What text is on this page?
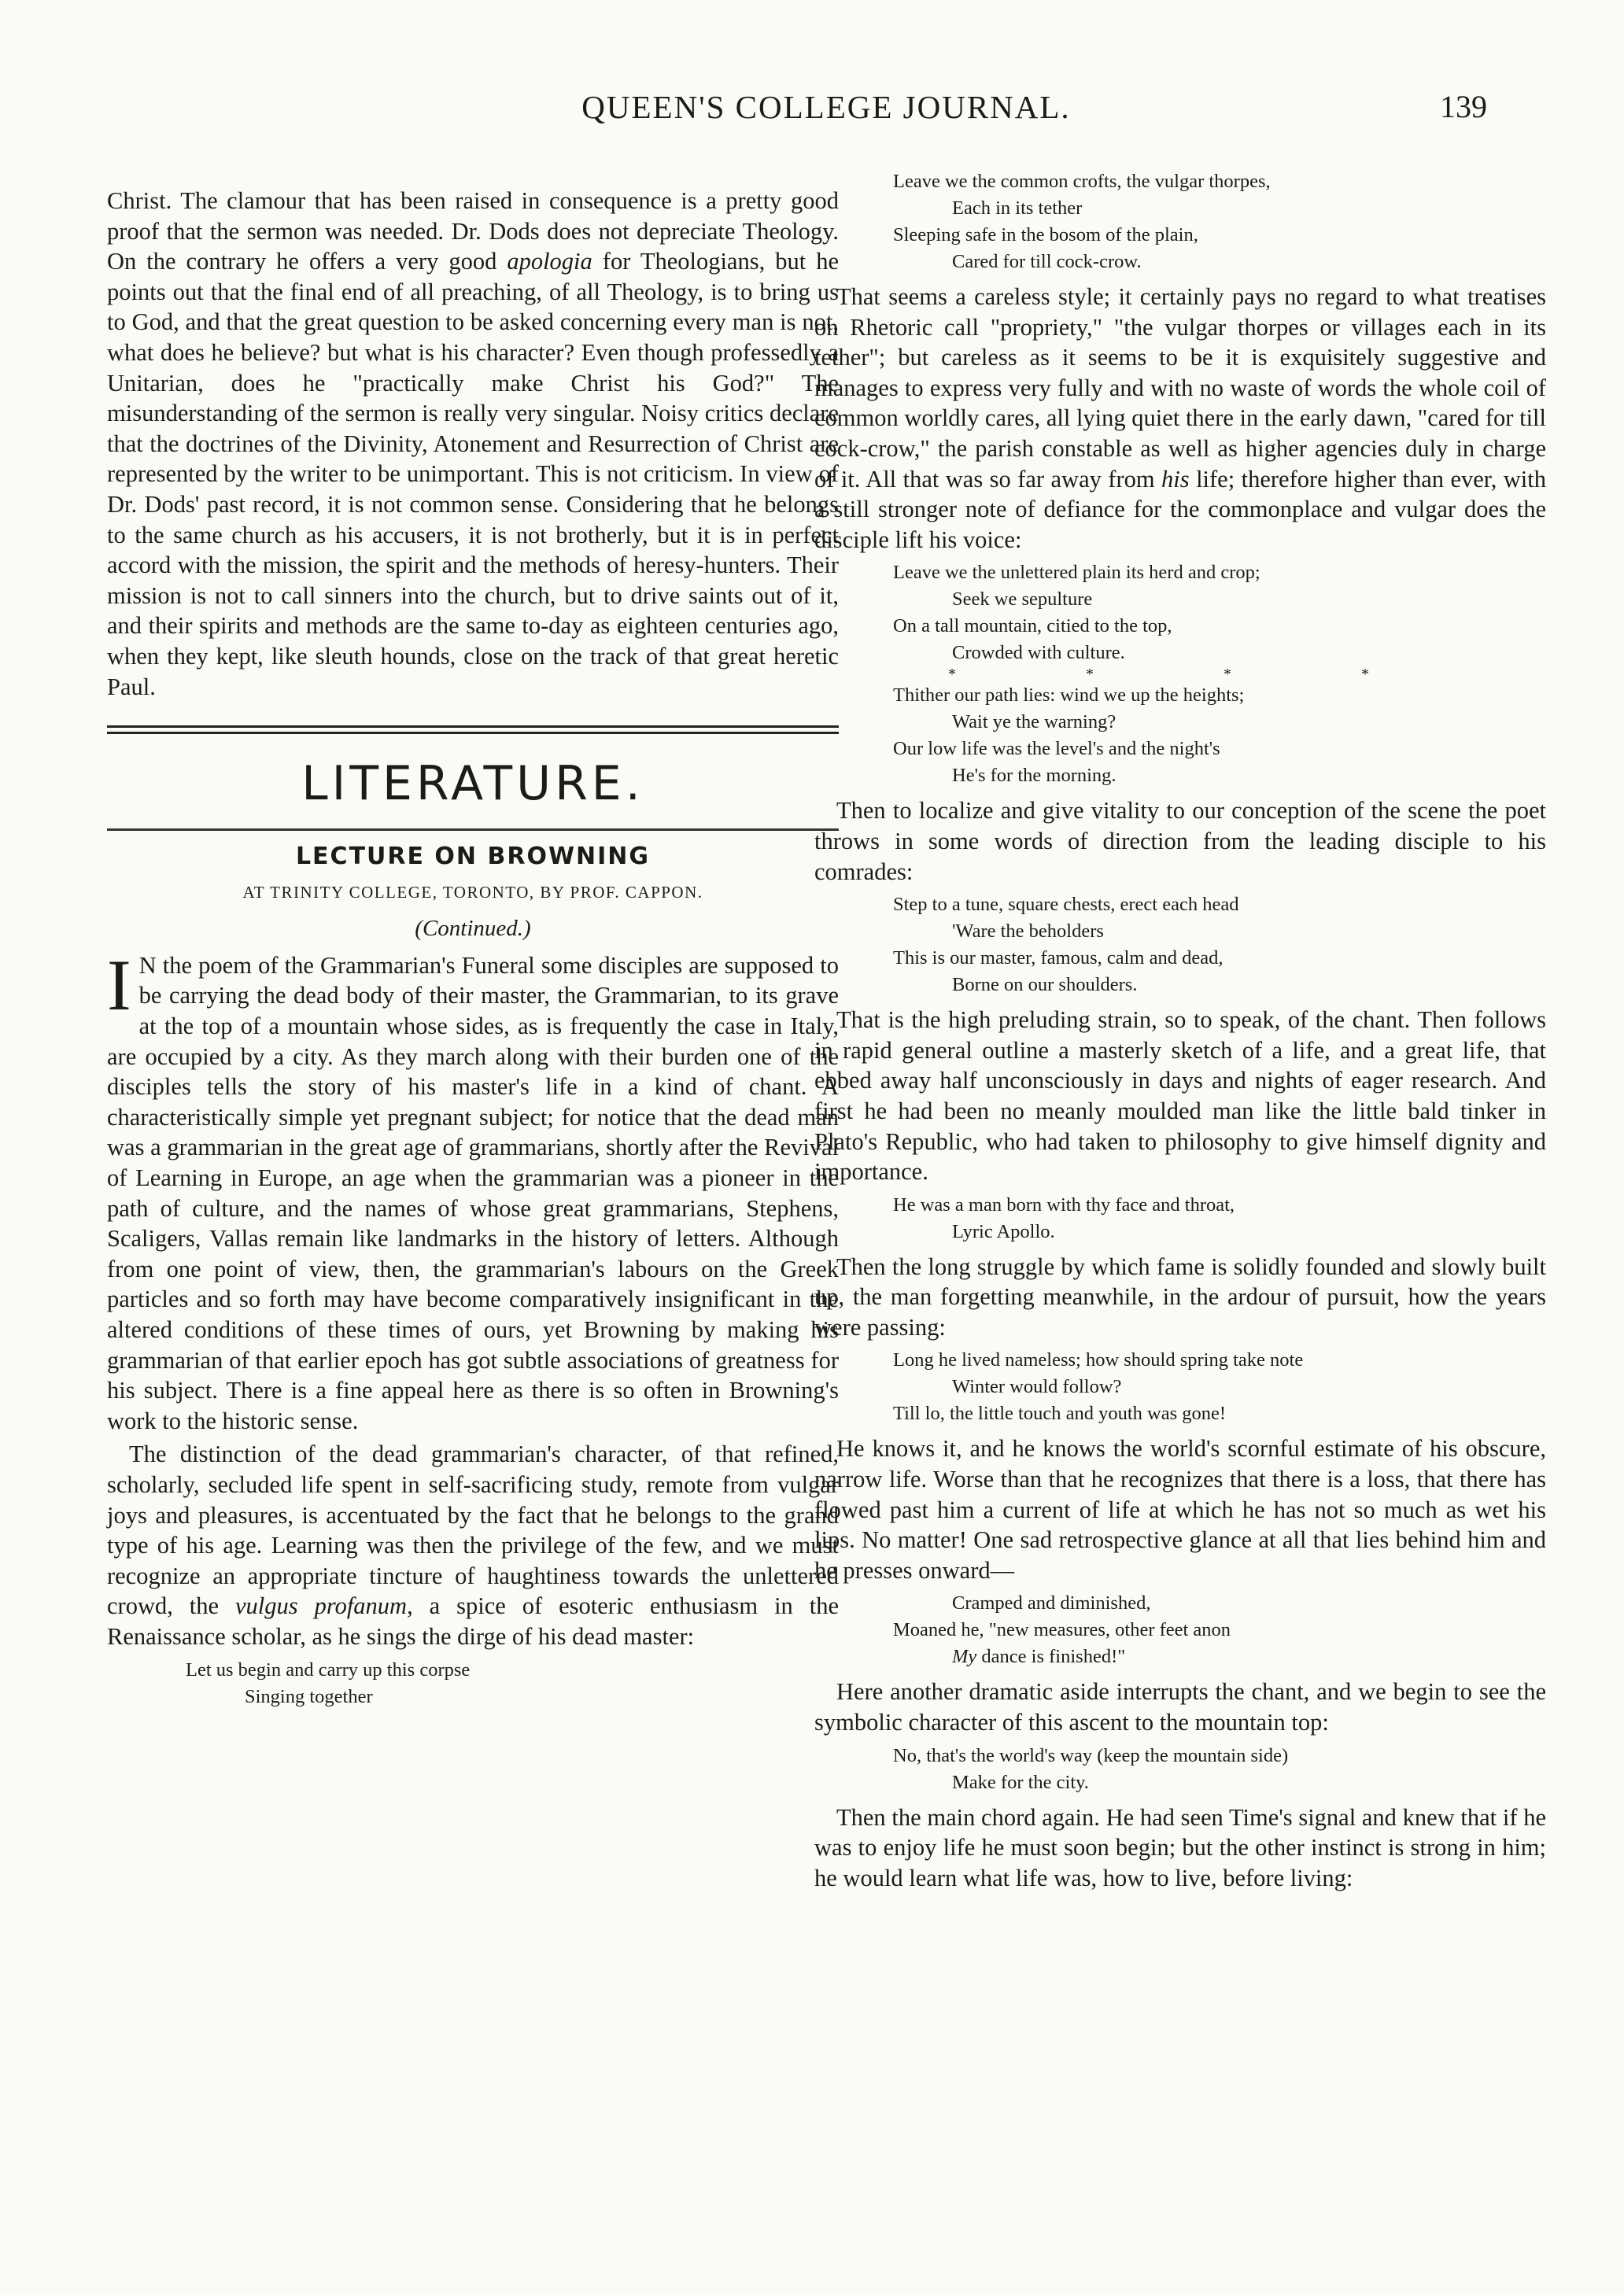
QUEEN'S COLLEGE JOURNAL.	139

Christ. The clamour that has been raised in consequence is a pretty good proof that the sermon was needed. Dr. Dods does not depreciate Theology. On the contrary he offers a very good apologia for Theologians, but he points out that the final end of all preaching, of all Theology, is to bring us to God, and that the great question to be asked concerning every man is not, what does he believe? but what is his character? Even though professedly a Unitarian, does he "practically make Christ his God?" The misunderstanding of the sermon is really very singular. Noisy critics declare that the doctrines of the Divinity, Atonement and Resurrection of Christ are represented by the writer to be unimportant. This is not criticism. In view of Dr. Dods' past record, it is not common sense. Considering that he belongs to the same church as his accusers, it is not brotherly, but it is in perfect accord with the mission, the spirit and the methods of heresy-hunters. Their mission is not to call sinners into the church, but to drive saints out of it, and their spirits and methods are the same to-day as eighteen centuries ago, when they kept, like sleuth hounds, close on the track of that great heretic Paul.

LITERATURE.
LECTURE ON BROWNING
AT TRINITY COLLEGE, TORONTO, BY PROF. CAPPON.
(Continued.)

I N the poem of the Grammarian's Funeral some disciples are supposed to be carrying the dead body of their master, the Grammarian, to its grave at the top of a mountain whose sides, as is frequently the case in Italy, are occupied by a city. As they march along with their burden one of the disciples tells the story of his master's life in a kind of chant. A characteristically simple yet pregnant subject; for notice that the dead man was a grammarian in the great age of grammarians, shortly after the Revival of Learning in Europe, an age when the grammarian was a pioneer in the path of culture, and the names of whose great grammarians, Stephens, Scaligers, Vallas remain like landmarks in the history of letters. Although from one point of view, then, the grammarian's labours on the Greek particles and so forth may have become comparatively insignificant in the altered conditions of these times of ours, yet Browning by making his grammarian of that earlier epoch has got subtle associations of greatness for his subject. There is a fine appeal here as there is so often in Browning's work to the historic sense.

The distinction of the dead grammarian's character, of that refined, scholarly, secluded life spent in self-sacrificing study, remote from vulgar joys and pleasures, is accentuated by the fact that he belongs to the grand type of his age. Learning was then the privilege of the few, and we must recognize an appropriate tincture of haughtiness towards the unlettered crowd, the vulgus profanum, a spice of esoteric enthusiasm in the Renaissance scholar, as he sings the dirge of his dead master:

Let us begin and carry up this corpse
Singing together
Leave we the common crofts, the vulgar thorpes,
Each in its tether
Sleeping safe in the bosom of the plain,
Cared for till cock-crow.

That seems a careless style; it certainly pays no regard to what treatises on Rhetoric call "propriety," "the vulgar thorpes or villages each in its tether"; but careless as it seems to be it is exquisitely suggestive and manages to express very fully and with no waste of words the whole coil of common worldly cares, all lying quiet there in the early dawn, "cared for till cock-crow," the parish constable as well as higher agencies duly in charge of it. All that was so far away from his life; therefore higher than ever, with a still stronger note of defiance for the commonplace and vulgar does the disciple lift his voice:

Leave we the unlettered plain its herd and crop;
Seek we sepulture
On a tall mountain, citied to the top,
Crowded with culture.
* * * *
Thither our path lies: wind we up the heights;
Wait ye the warning?
Our low life was the level's and the night's
He's for the morning.

Then to localize and give vitality to our conception of the scene the poet throws in some words of direction from the leading disciple to his comrades:

Step to a tune, square chests, erect each head
'Ware the beholders
This is our master, famous, calm and dead,
Borne on our shoulders.

That is the high preluding strain, so to speak, of the chant. Then follows in rapid general outline a masterly sketch of a life, and a great life, that ebbed away half unconsciously in days and nights of eager research. And first he had been no meanly moulded man like the little bald tinker in Plato's Republic, who had taken to philosophy to give himself dignity and importance.

He was a man born with thy face and throat,
Lyric Apollo.

Then the long struggle by which fame is solidly founded and slowly built up, the man forgetting meanwhile, in the ardour of pursuit, how the years were passing:

Long he lived nameless; how should spring take note
Winter would follow?
Till lo, the little touch and youth was gone!

He knows it, and he knows the world's scornful estimate of his obscure, narrow life. Worse than that he recognizes that there is a loss, that there has flowed past him a current of life at which he has not so much as wet his lips. No matter! One sad retrospective glance at all that lies behind him and he presses onward—

Cramped and diminished,
Moaned he, "new measures, other feet anon
My dance is finished!"

Here another dramatic aside interrupts the chant, and we begin to see the symbolic character of this ascent to the mountain top:

No, that's the world's way (keep the mountain side)
Make for the city.

Then the main chord again. He had seen Time's signal and knew that if he was to enjoy life he must soon begin; but the other instinct is strong in him; he would learn what life was, how to live, before living:
